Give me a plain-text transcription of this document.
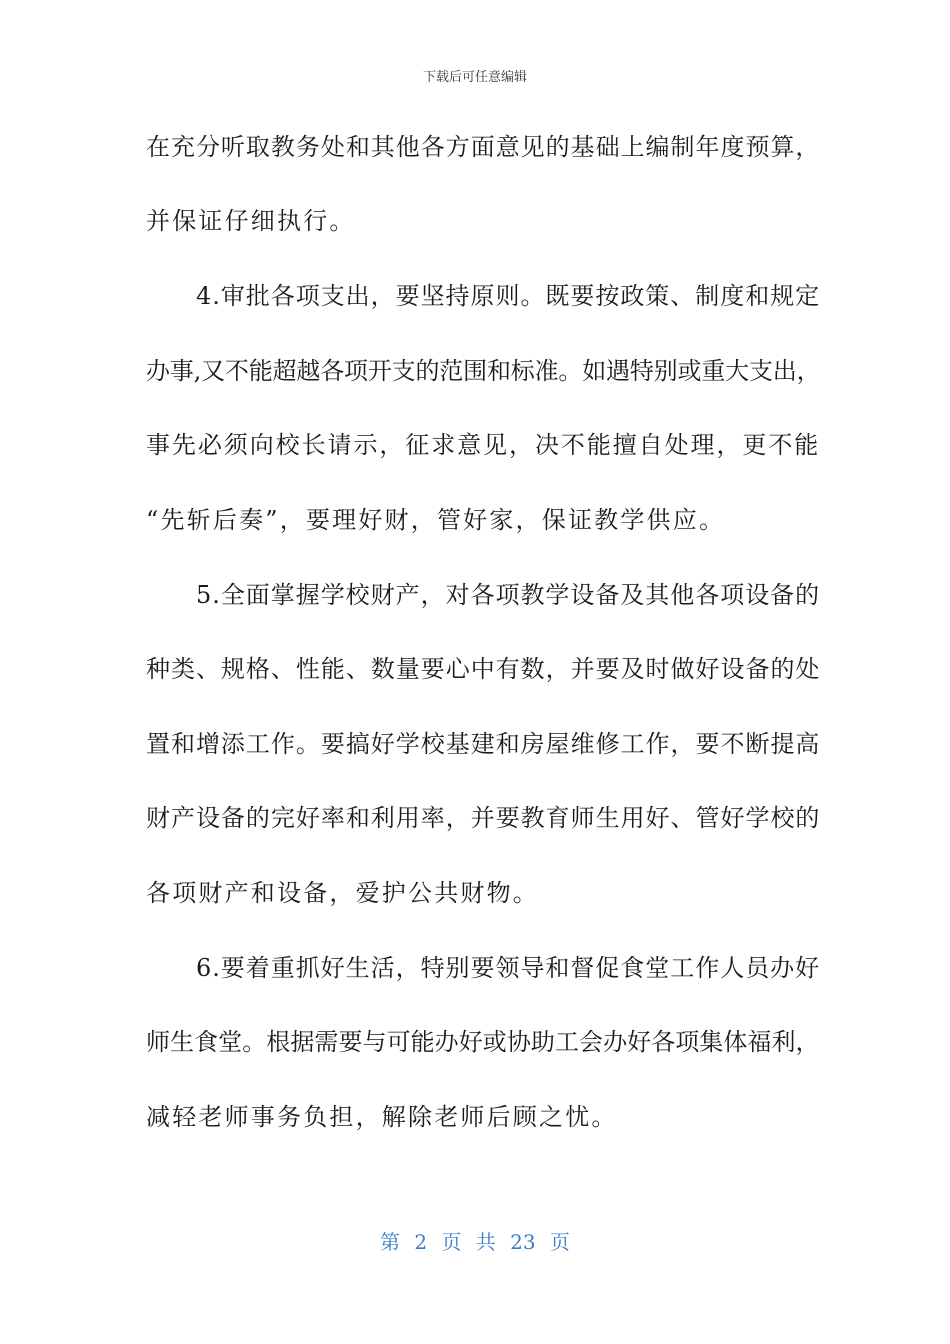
下载后可任意编辑
在充分听取教务处和其他各方面意见的基础上编制年度预算，
并保证仔细执行。
4.审批各项支出，要坚持原则。既要按政策、制度和规定
办事,又不能超越各项开支的范围和标准。如遇特别或重大支出，
事先必须向校长请示，征求意见，决不能擅自处理，更不能
“先斩后奏”，要理好财，管好家，保证教学供应。
5.全面掌握学校财产，对各项教学设备及其他各项设备的
种类、规格、性能、数量要心中有数，并要及时做好设备的处
置和增添工作。要搞好学校基建和房屋维修工作，要不断提高
财产设备的完好率和利用率，并要教育师生用好、管好学校的
各项财产和设备，爱护公共财物。
6.要着重抓好生活，特别要领导和督促食堂工作人员办好
师生食堂。根据需要与可能办好或协助工会办好各项集体福利，
减轻老师事务负担，解除老师后顾之忧。
第 2 页 共 23 页
